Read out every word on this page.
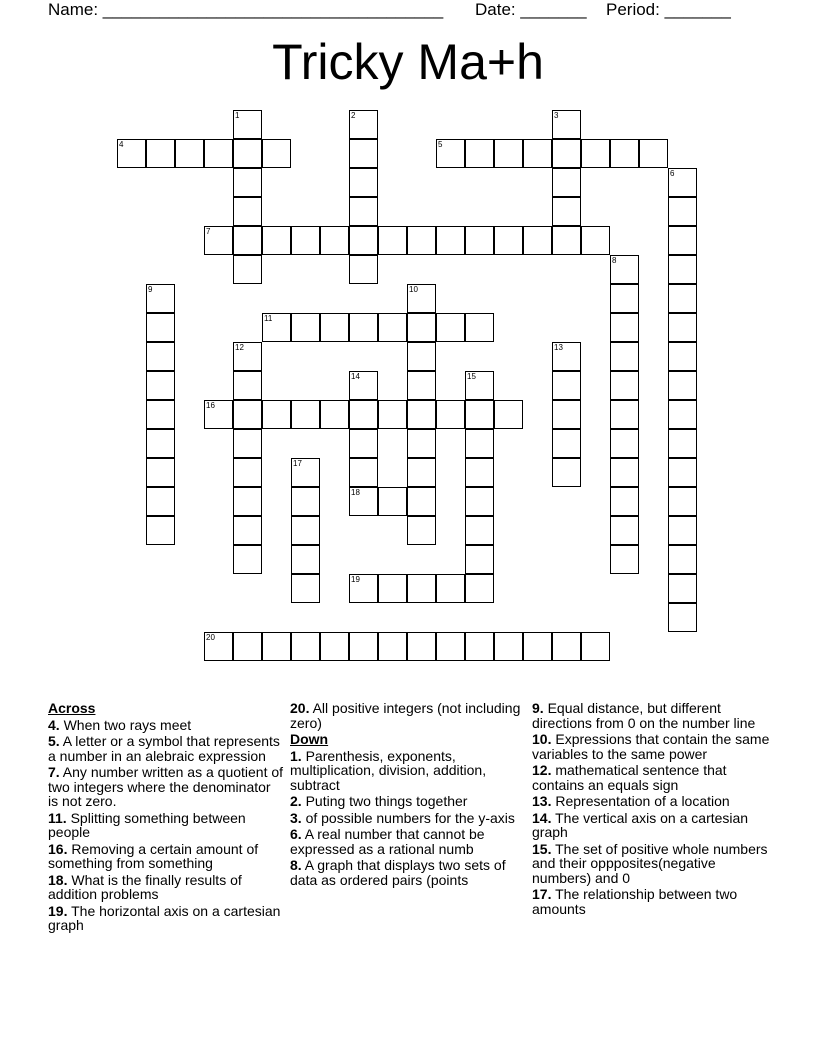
Name: ____________________________________ Date: _______ Period: _______
Tricky Ma+h
1	2	3
4	5
6
7
8
9	10
11
12	13
14
18
15
16
17
19
20
Across
4. When two rays meet
5. A letter or a symbol that represents a number in an alebraic expression
7. Any number written as a quotient of two integers where the denominator is not zero.
11. Splitting something between people
16. Removing a certain amount of something from something
18. What is the finally results of addition problems
19. The horizontal axis on a cartesian graph
20. All positive integers (not including zero)
Down
1. Parenthesis, exponents, multiplication, division, addition, subtract
2. Puting two things together
3. of possible numbers for the y-axis
6. A real number that cannot be expressed as a rational numb
8. A graph that displays two sets of data as ordered pairs (points
9. Equal distance, but different directions from 0 on the number line
10. Expressions that contain the same variables to the same power
12. mathematical sentence that contains an equals sign
13. Representation of a location
14. The vertical axis on a cartesian graph
15. The set of positive whole numbers and their oppposites(negative numbers) and 0
17. The relationship between two amounts
